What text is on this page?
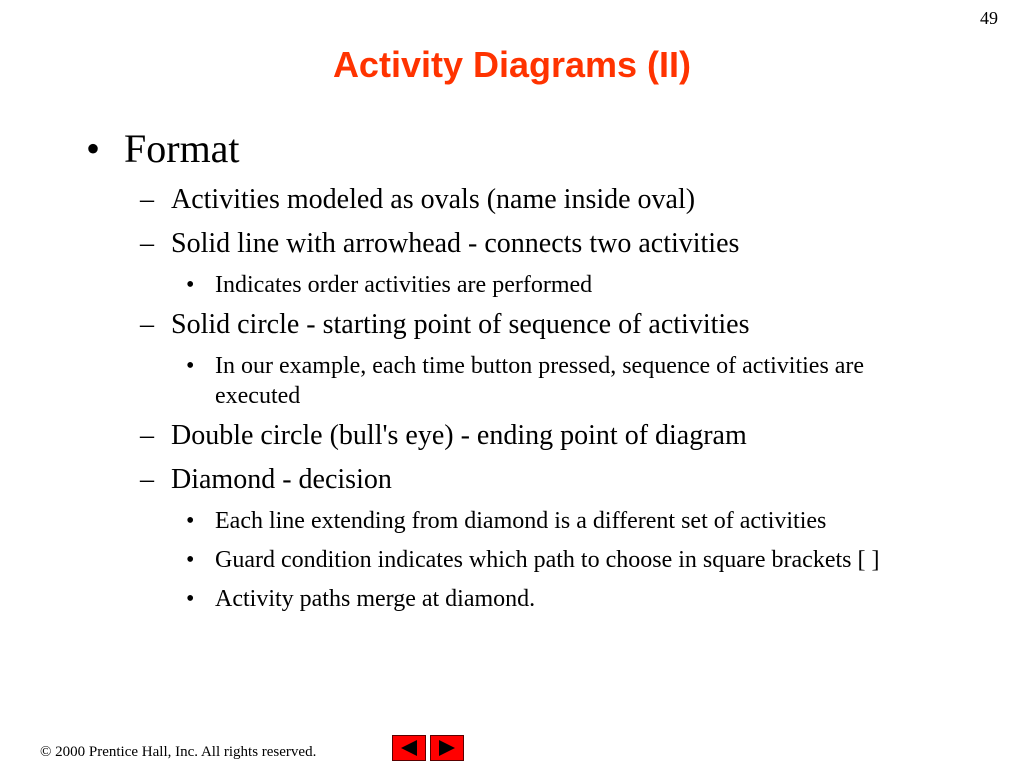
49
Activity Diagrams (II)
• Format
– Activities modeled as ovals (name inside oval)
– Solid line with arrowhead - connects two activities
• Indicates order activities are performed
– Solid circle - starting point of sequence of activities
• In our example, each time button pressed, sequence of activities are executed
– Double circle (bull's eye) - ending point of diagram
– Diamond - decision
• Each line extending from diamond is a different set of activities
• Guard condition indicates which path to choose in square brackets [ ]
• Activity paths merge at diamond.
© 2000 Prentice Hall, Inc. All rights reserved.
